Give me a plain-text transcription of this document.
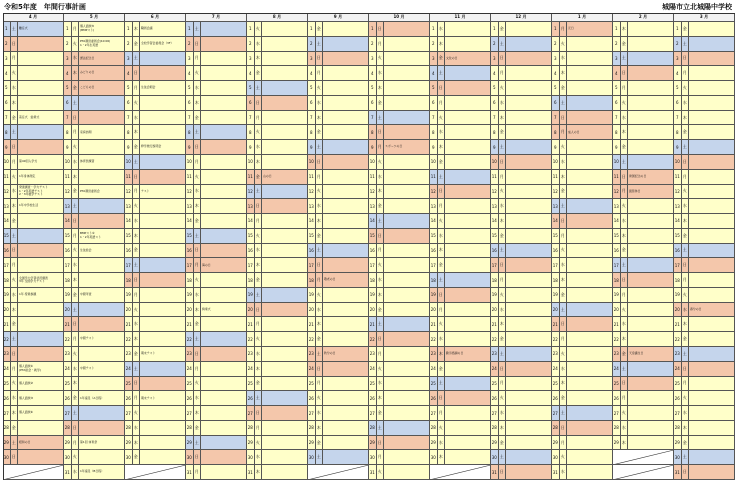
令和5年度　年間行事計画	城陽市立北城陽中学校
4 月
1	土	離任式
2	日
3	月
4	火
5	水
6	木
7	金	着任式　始業式
8	土
9	日
10 月	第49回入学式
11 火	1年身体測定
12 水
発達調査・学力テスト
1・2年英語テスト
2・3年数学テスト
13 木	1年中学校生活
14 金
15 土
16 日
17 月
18 火	全国学力学習状況調査
3年 全国学力テスト
19 水	1年 授業参観
20 木
21 金
22 土
23 日
24 月	個人面談①
(PTA総会・就学)
25 火	個人面談②
26 水	個人面談③
27 木	個人面談④
28 金
29 土	昭和の日
30 日
5 月
1	月	個人面談⑤
(BMPスト)
2	火	PTA運営委員会(10:00)
1・2年生英語
3	水	憲法記念日
4	木	みどりの日
5	金	こどもの日
6	土
7	日
8	月	家庭訪問
9	火
10 水	体育祭練習
11 木
12 金	PTA運営委員会
13 土
14 日
15 月	BMPスト①
1・2年英語スト
16 火	生徒総会
17 水
18 木
19 金	中間考査
20 土
21 日
22 月	中間テスト
23 火
24 水	中間テスト
25 木
26 金	1年遠足（A日程）
27 土
28 日
29 月	第1回 体育祭
30 火
31 水	1年遠足（B日程）
6 月
1	木	職員会議
2	金	全校学習会委員会（3F）
3	土
4	日
5	月	生徒会朝会
6	火
7	水
8	木
9	金	修学旅行説明会
10 土
11 日
12 月	テスト
13 火
14 水
15 木
16 金
17 土
18 日
19 月
20 火
21 水
22 木
23 金	期末テスト
24 土
25 日
26 月	期末テスト
27 火
28 水
29 木
30 金
7 月
1	土
2	日
3	月
4	火
5	水
6	木
7	金
8	土
9	日
10 月
11 火
12 水
13 木
14 金
15 土
16 日
17 月	海の日
18 火
19 水
20 木	終業式
21 金
22 土
23 日
24 月
25 火
26 水
27 木
28 金
29 土
30 日
31 月
8 月
1	火
2	水
3	木
4	金
5	土
6	日
7	月
8	火
9	水
10 木
11 金	山の日
12 土
13 日
14 月
15 火
16 水
17 木
18 金
19 土
20 日
21 月
22 火
23 水
24 木
25 金
26 土
27 日
28 月
29 火
30 水
31 木
9 月
1	金
2	土
3	日
4	月
5	火
6	水
7	木
8	金
9	土
10 日
11 月
12 火
13 水
14 木
15 金
16 土
17 日
18 月	敬老の日
19 火
20 水
21 木
22 金
23 土	秋分の日
24 日
25 月
26 火
27 水
28 木
29 金
30 土
10 月
1	日
2	月
3	火
4	水
5	木
6	金
7	土
8	日
9	月	スポーツの日
10 火
11 水
12 木
13 金
14 土
15 日
16 月
17 火
18 水
19 木
20 金
21 土
22 日
23 月
24 火
25 水
26 木
27 金
28 土
29 日
30 月
31 火
11 月
1	水
2	木
3	金	文化の日
4	土
5	日
6	月
7	火
8	水
9	木
10 金
11 土
12 日
13 月
14 火
15 水
16 木
17 金
18 土
19 日
20 月
21 火
22 水
23 木	勤労感謝の日
24 金
25 土
26 日
27 月
28 火
29 水
30 木
12 月
1	金
2	土
3	日
4	月
5	火
6	水
7	木
8	金
9	土
10 日
11 月
12 火
13 水
14 木
15 金
16 土
17 日
18 月
19 火
20 水
21 木
22 金
23 土
24 日
25 月
26 火
27 水
28 木
29 金
30 土
31 日
1 月
1	月	元日
2	火
3	水
4	木
5	金
6	土
7	日
8	月	成人の日
9	火
10 水
11 木
12 金
13 土
14 日
15 月
16 火
17 水
18 木
19 金
20 土
21 日
22 月
23 火
24 水
25 木
26 金
27 土
28 日
29 月
30 火
31 水
2 月
1	木
2	金
3	土
4	日
5	月
6	火
7	水
8	木
9	金
10 土
11 日	建国記念の日
12 月	振替休日
13 火
14 水
15 木
16 金
17 土
18 日
19 月
20 火
21 水
22 木
23 金	天皇誕生日
24 土
25 日
26 月
27 火
28 水
29 木
3 月
1	金
2	土
3	日
4	月
5	火
6	水
7	木
8	金
9	土
10 日
11 月
12 火
13 水
14 木
15 金
16 土
17 日
18 月
19 火
20 水	春分の日
21 木
22 金
23 土
24 日
25 月
26 火
27 水
28 木
29 金
30 土
31 日
